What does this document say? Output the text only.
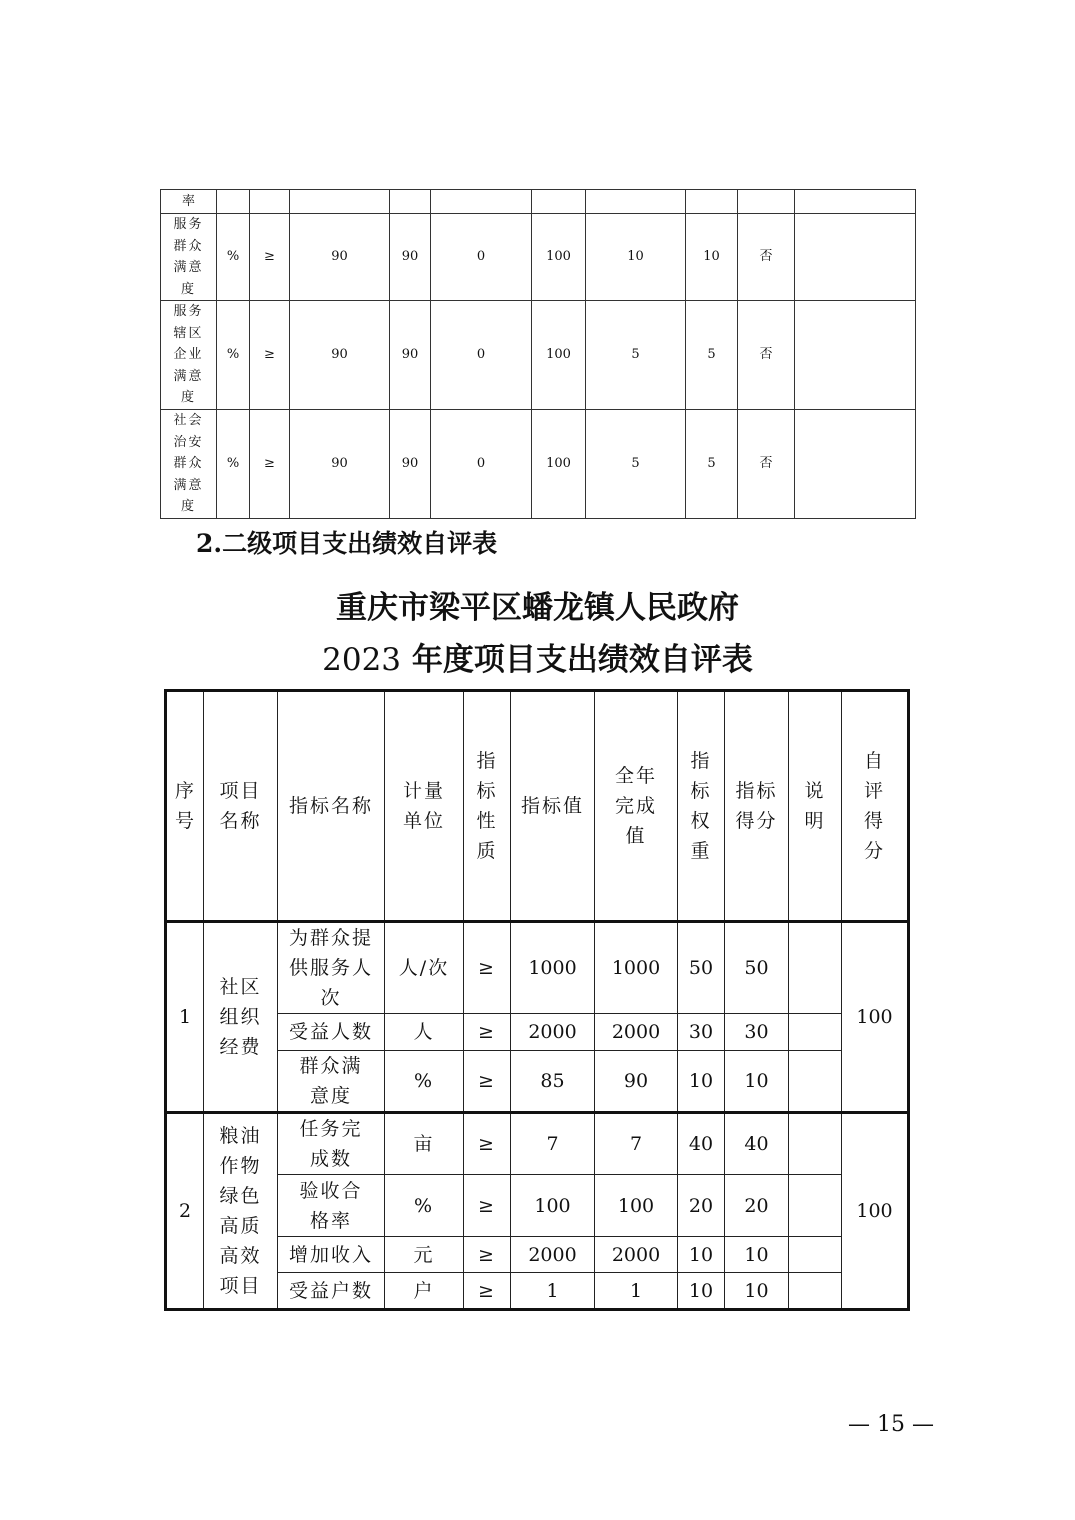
率										
服务群众满意度	%	≥	90	90	0	100	10	10	否	
服务辖区企业满意度	%	≥	90	90	0	100	5	5	否	
社会治安群众满意度	%	≥	90	90	0	100	5	5	否	
2.二级项目支出绩效自评表
重庆市梁平区蟠龙镇人民政府
2023 年度项目支出绩效自评表
序号	项目名称	指标名称	计量单位	指标性质	指标值	全年完成值	指标权重	指标得分	说明	自评得分
1	社区组织经费	为群众提供服务人次	人/次	≥	1000	1000	50	50		100
		受益人数	人	≥	2000	2000	30	30		
		群众满意度	%	≥	85	90	10	10		
2	粮油作物绿色高质高效项目	任务完成数	亩	≥	7	7	40	40		100
		验收合格率	%	≥	100	100	20	20		
		增加收入	元	≥	2000	2000	10	10		
		受益户数	户	≥	1	1	10	10		
— 15 —
